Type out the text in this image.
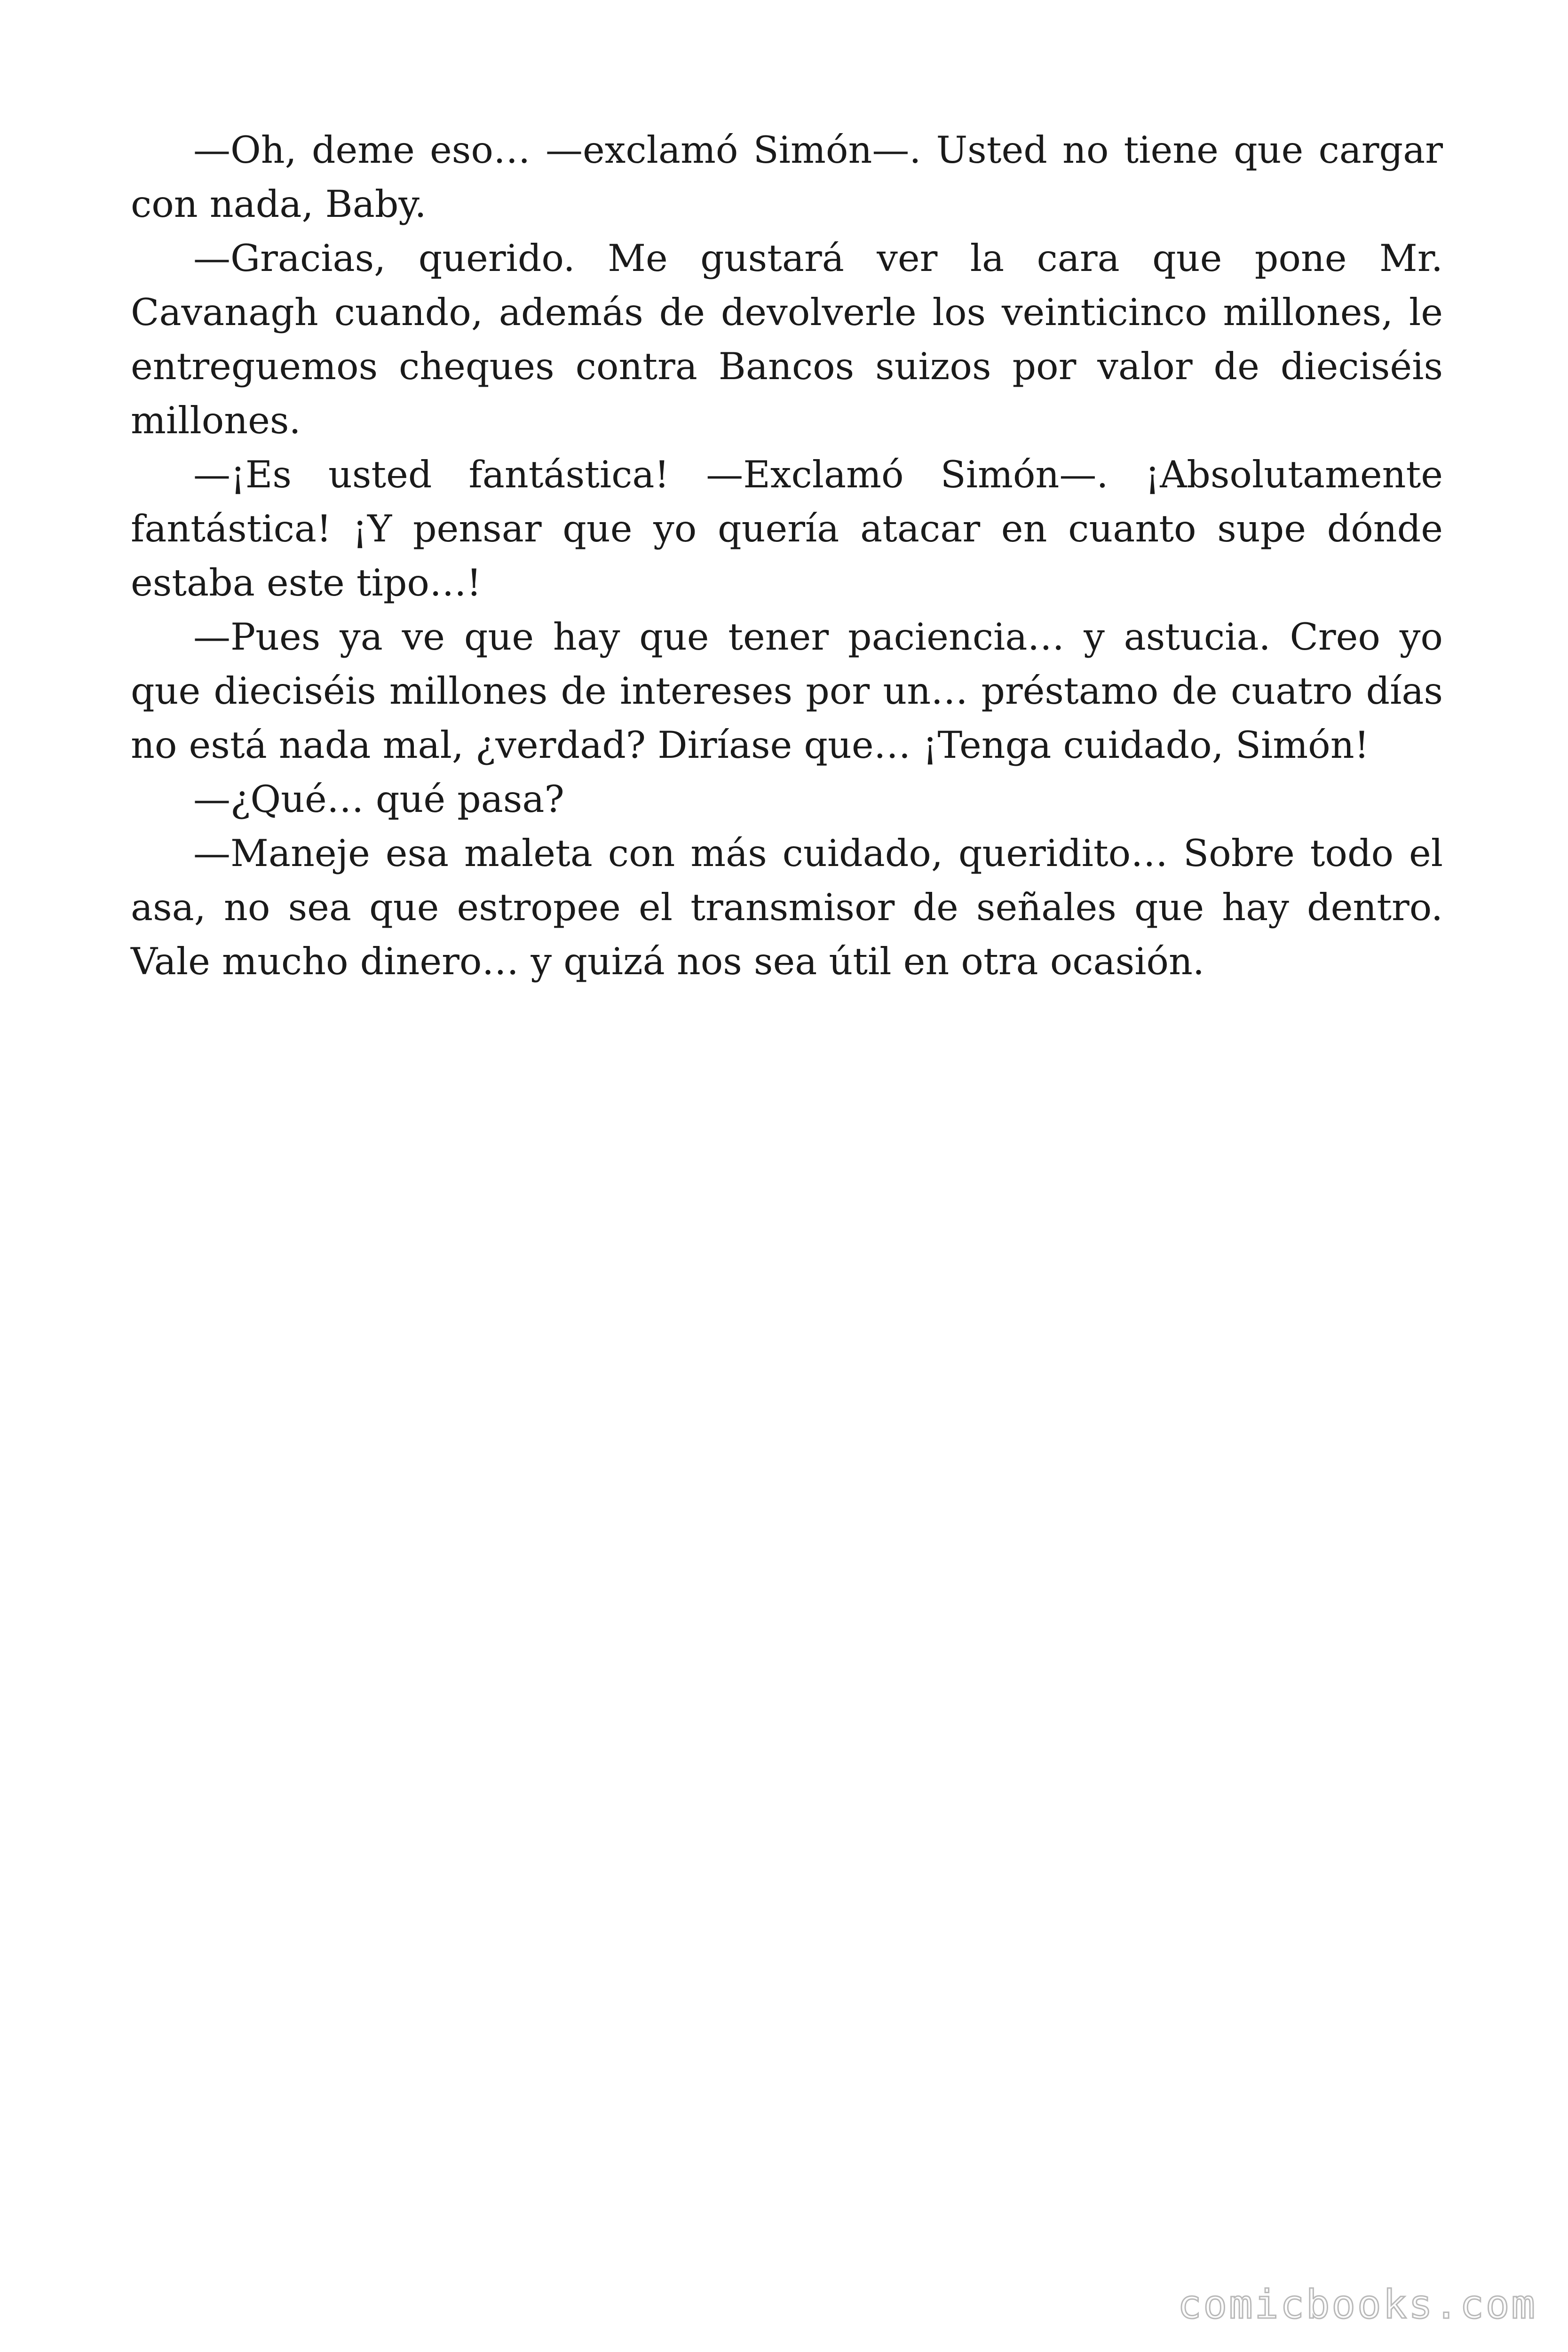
—Oh, deme eso… —exclamó Simón—. Usted no tiene que cargar con nada, Baby.

—Gracias, querido. Me gustará ver la cara que pone Mr. Cavanagh cuando, además de devolverle los veinticinco millones, le entreguemos cheques contra Bancos suizos por valor de dieciséis millones.

—¡Es usted fantástica! —Exclamó Simón—. ¡Absolutamente fantástica! ¡Y pensar que yo quería atacar en cuanto supe dónde estaba este tipo…!

—Pues ya ve que hay que tener paciencia… y astucia. Creo yo que dieciséis millones de intereses por un… préstamo de cuatro días no está nada mal, ¿verdad? Diríase que… ¡Tenga cuidado, Simón!

—¿Qué… qué pasa?

—Maneje esa maleta con más cuidado, queridito… Sobre todo el asa, no sea que estropee el transmisor de señales que hay dentro. Vale mucho dinero… y quizá nos sea útil en otra ocasión.

comicbooks.com
